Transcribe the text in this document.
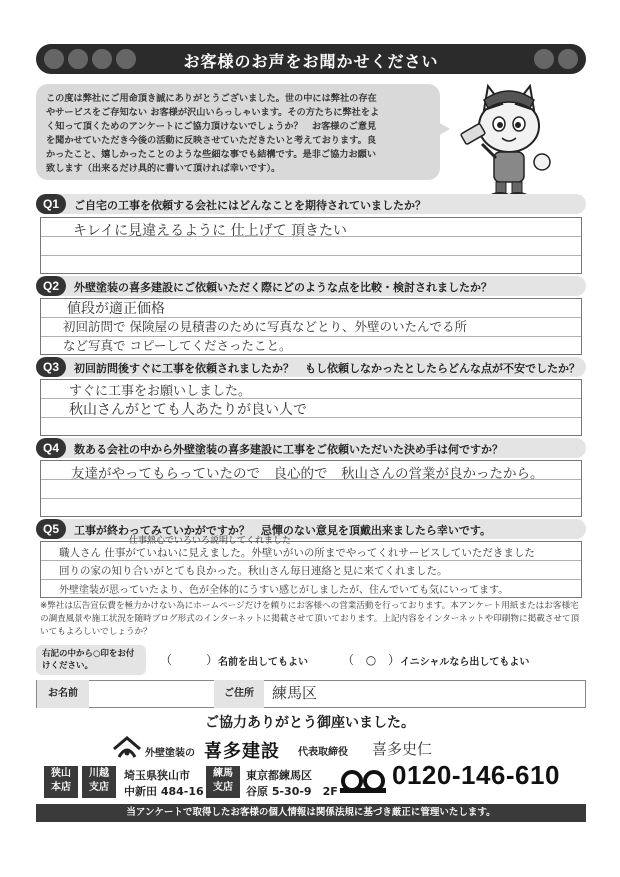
お客様のお声をお聞かせください
この度は弊社にご用命頂き誠にありがとうございました。世の中には弊社の存在
やサービスをご存知ない お客様が沢山いらっしゃいます。その方たちに弊社をよ
く知って頂くためのアンケートにご協力頂けないでしょうか？　お客様のご意見
を聞かせていただき今後の活動に反映させていただきたいと考えております。良
かったこと、嬉しかったことのような些細な事でも結構です。是非ご協力お願い
致します（出来るだけ具的に書いて頂ければ幸いです）。
Q1	ご自宅の工事を依頼する会社にはどんなことを期待されていましたか？
キレイに見違えるように 仕上げて 頂きたい
Q2	外壁塗装の喜多建設にご依頼いただく際にどのような点を比較・検討されましたか？
値段が適正価格
初回訪問で 保険屋の見積書のために写真などとり、外壁のいたんでる所
など写真で コピーしてくださったこと。
Q3	初回訪問後すぐに工事を依頼されましたか？　もし依頼しなかったとしたらどんな点が不安でしたか？
すぐに工事をお願いしました。
秋山さんがとても人あたりが良い人で
Q4	数ある会社の中から外壁塗装の喜多建設に工事をご依頼いただいた決め手は何ですか？
友達がやってもらっていたので　良心的で　秋山さんの営業が良かったから。
Q5	工事が終わってみていかがですか？　忌憚のない意見を頂戴出来ましたら幸いです。
仕事熱心でいろいろ説明してくれました
職人さん 仕事がていねいに見えました。外壁いがいの所までやってくれサービスしていただきました
回りの家の知り合いがとても良かった。秋山さん毎日連絡と見に来てくれました。
外壁塗装が思っていたより、色が全体的にうすい感じがしましたが、住んでいても気にいってます。
※弊社は広告宣伝費を極力かけない為にホームページだけを頼りにお客様への営業活動を行っております。本アンケート用紙またはお客様宅の調査風景や施工状況を随時ブログ形式のインターネットに掲載させて頂いております。上記内容をインターネットや印刷物に掲載させて頂いてもよろしいでしょうか？
右記の中から○印をお付けください。	（	） 名前を出してもよい	（ ○ ） イニシャルなら出してもよい
お名前	ご住所	練馬区
ご協力ありがとう御座いました。
外壁塗装の 喜多建設 代表取締役 喜多史仁
狭山本店
川越支店
埼玉県狭山市
中新田 484-16
練馬支店
東京都練馬区
谷原 5-30-9　2F
0120-146-610
当アンケートで取得したお客様の個人情報は関係法規に基づき厳正に管理いたします。
